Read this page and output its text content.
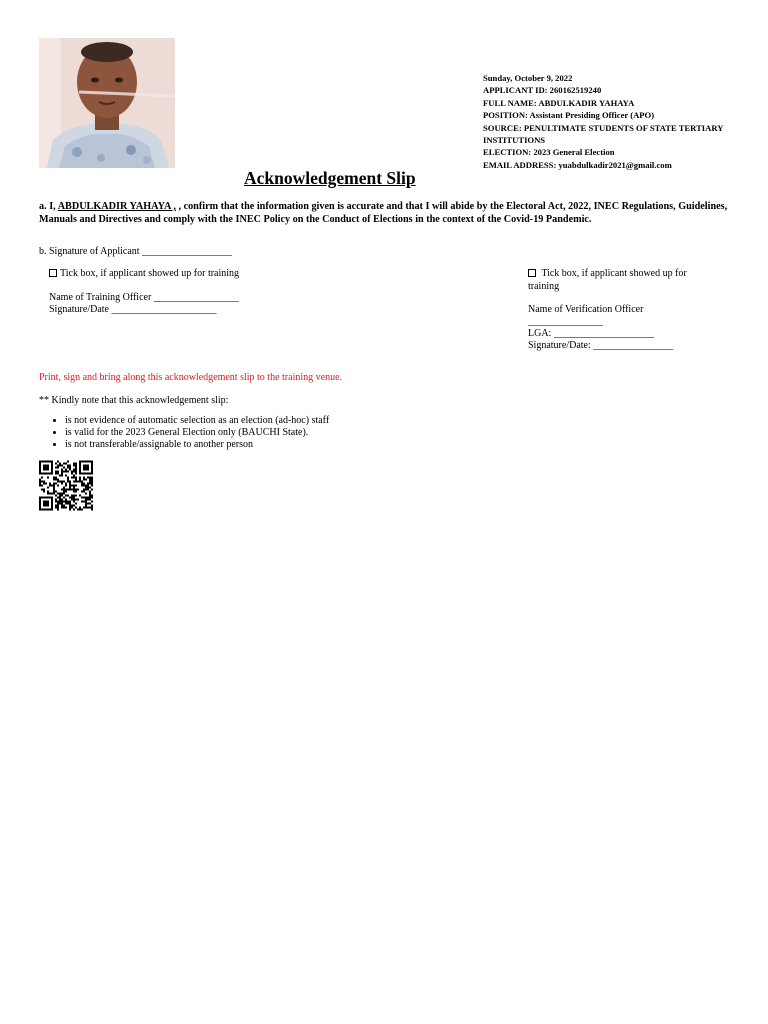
Sunday, October 9, 2022
APPLICANT ID: 260162519240
FULL NAME: ABDULKADIR YAHAYA
POSITION: Assistant Presiding Officer (APO)
SOURCE: PENULTIMATE STUDENTS OF STATE TERTIARY INSTITUTIONS
ELECTION: 2023 General Election
EMAIL ADDRESS: yuabdulkadir2021@gmail.com
Acknowledgement Slip
a. I, ABDULKADIR YAHAYA , , confirm that the information given is accurate and that I will abide by the Electoral Act, 2022, INEC Regulations, Guidelines, Manuals and Directives and comply with the INEC Policy on the Conduct of Elections in the context of the Covid-19 Pandemic.
b. Signature of Applicant __________________
Tick box, if applicant showed up for training
Name of Training Officer _________________
Signature/Date _____________________
Tick box, if applicant showed up for training
Name of Verification Officer
_______________
LGA: ____________________
Signature/Date: ________________
Print, sign and bring along this acknowledgement slip to the training venue.
** Kindly note that this acknowledgement slip:
• is not evidence of automatic selection as an election (ad-hoc) staff
• is valid for the 2023 General Election only (BAUCHI State).
• is not transferable/assignable to another person
